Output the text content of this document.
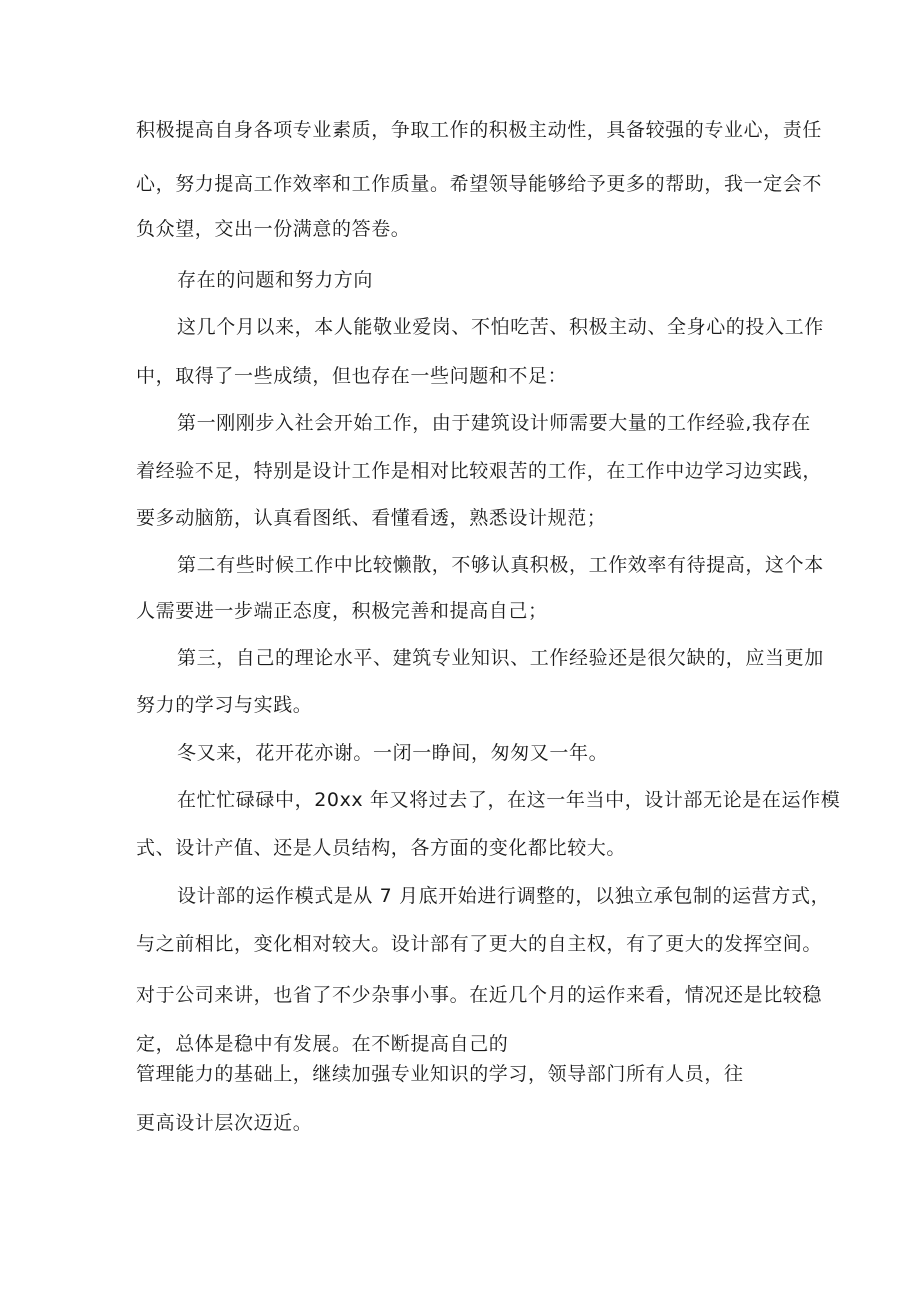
积极提高自身各项专业素质，争取工作的积极主动性，具备较强的专业心，责任
心，努力提高工作效率和工作质量。希望领导能够给予更多的帮助，我一定会不
负众望，交出一份满意的答卷。
存在的问题和努力方向
这几个月以来，本人能敬业爱岗、不怕吃苦、积极主动、全身心的投入工作
中，取得了一些成绩，但也存在一些问题和不足：
第一刚刚步入社会开始工作，由于建筑设计师需要大量的工作经验,我存在
着经验不足，特别是设计工作是相对比较艰苦的工作，在工作中边学习边实践，
要多动脑筋，认真看图纸、看懂看透，熟悉设计规范；
第二有些时候工作中比较懒散，不够认真积极，工作效率有待提高，这个本
人需要进一步端正态度，积极完善和提高自己；
第三，自己的理论水平、建筑专业知识、工作经验还是很欠缺的，应当更加
努力的学习与实践。
冬又来，花开花亦谢。一闭一睁间，匆匆又一年。
在忙忙碌碌中，20xx 年又将过去了，在这一年当中，设计部无论是在运作模
式、设计产值、还是人员结构，各方面的变化都比较大。
设计部的运作模式是从 7 月底开始进行调整的，以独立承包制的运营方式，
与之前相比，变化相对较大。设计部有了更大的自主权，有了更大的发挥空间。
对于公司来讲，也省了不少杂事小事。在近几个月的运作来看，情况还是比较稳
定，总体是稳中有发展。在不断提高自己的
管理能力的基础上，继续加强专业知识的学习，领导部门所有人员，往
更高设计层次迈近。
